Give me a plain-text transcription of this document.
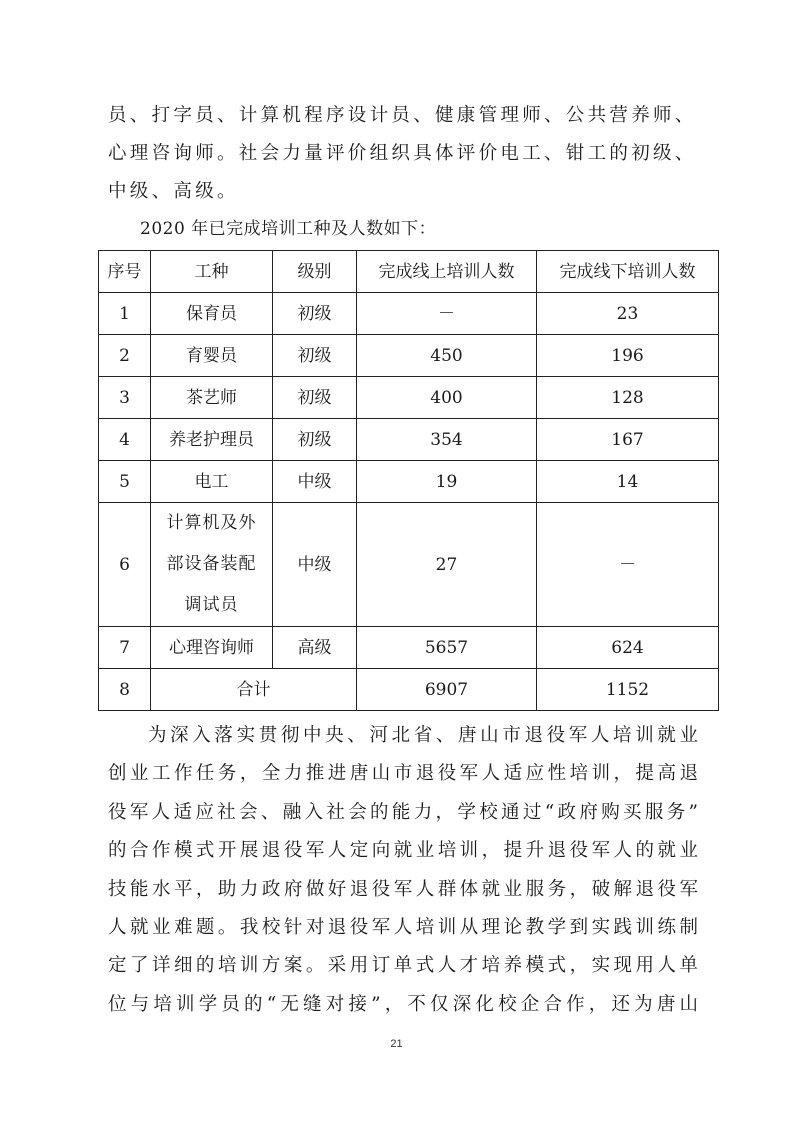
员、打字员、计算机程序设计员、健康管理师、公共营养师、
心理咨询师。社会力量评价组织具体评价电工、钳工的初级、
中级、高级。
2020 年已完成培训工种及人数如下：
序号	工种	级别	完成线上培训人数	完成线下培训人数
1	保育员	初级	－	23
2	育婴员	初级	450	196
3	茶艺师	初级	400	128
4	养老护理员	初级	354	167
5	电工	中级	19	14
6	计算机及外
部设备装配
调试员	中级	27	－
7	心理咨询师	高级	5657	624
8	合计		6907	1152
为深入落实贯彻中央、河北省、唐山市退役军人培训就业
创业工作任务，全力推进唐山市退役军人适应性培训，提高退
役军人适应社会、融入社会的能力，学校通过“政府购买服务”
的合作模式开展退役军人定向就业培训，提升退役军人的就业
技能水平，助力政府做好退役军人群体就业服务，破解退役军
人就业难题。我校针对退役军人培训从理论教学到实践训练制
定了详细的培训方案。采用订单式人才培养模式，实现用人单
位与培训学员的“无缝对接”，不仅深化校企合作，还为唐山
21
